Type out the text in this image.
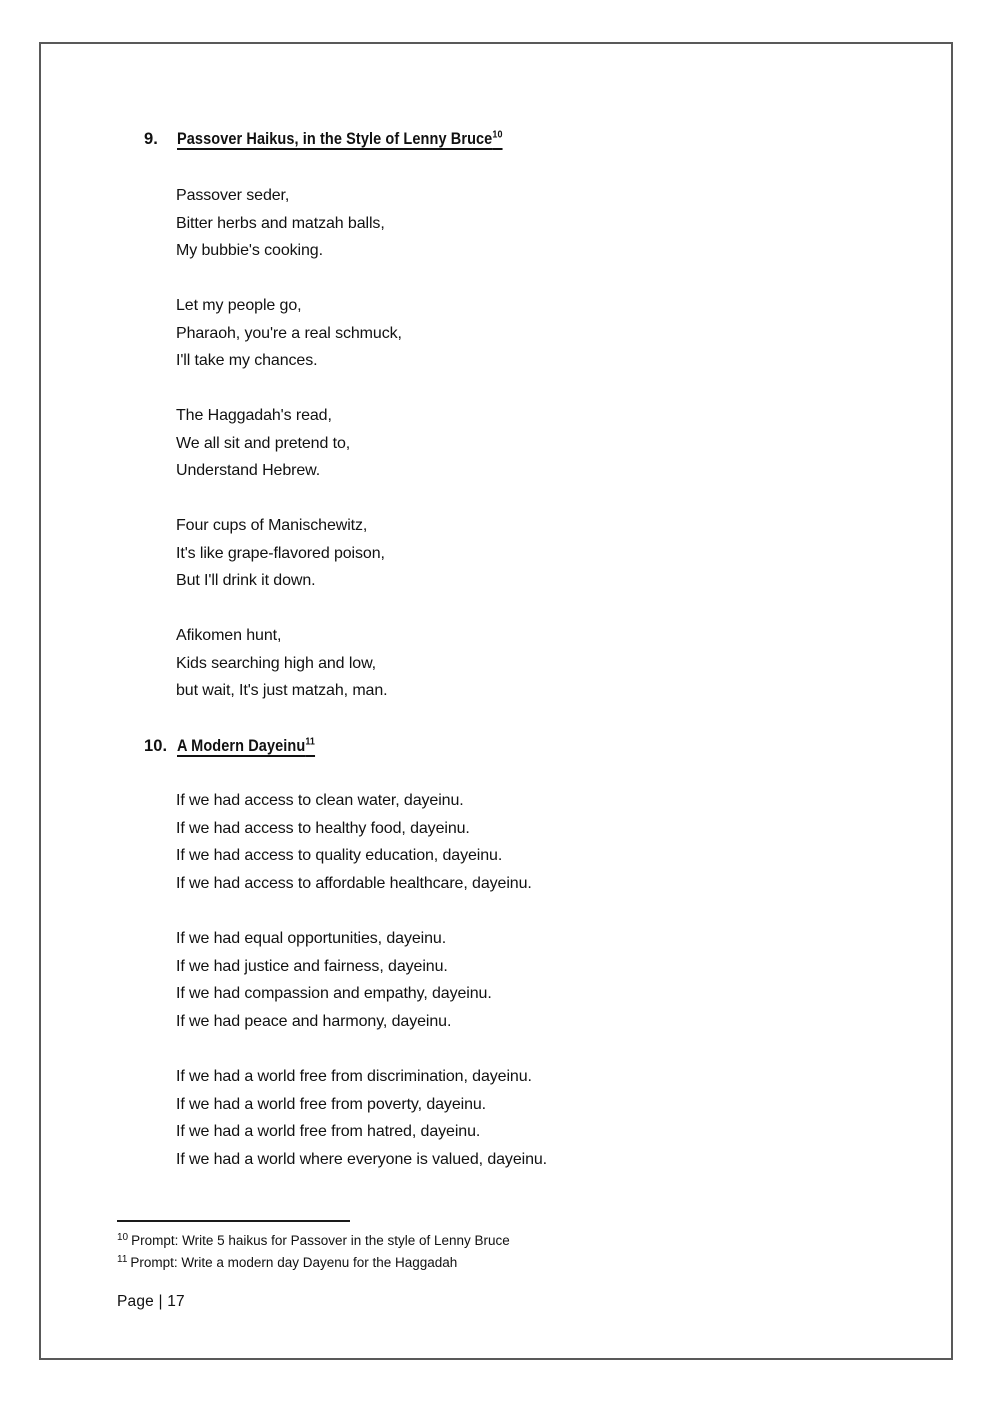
9.	Passover Haikus, in the Style of Lenny Bruce$^{10}$
Passover seder,
Bitter herbs and matzah balls,
My bubbie's cooking.
Let my people go,
Pharaoh, you're a real schmuck,
I'll take my chances.
The Haggadah's read,
We all sit and pretend to,
Understand Hebrew.
Four cups of Manischewitz,
It's like grape-flavored poison,
But I'll drink it down.
Afikomen hunt,
Kids searching high and low,
but wait, It's just matzah, man.
10. A Modern Dayeinu$^{11}$
If we had access to clean water, dayeinu.
If we had access to healthy food, dayeinu.
If we had access to quality education, dayeinu.
If we had access to affordable healthcare, dayeinu.
If we had equal opportunities, dayeinu.
If we had justice and fairness, dayeinu.
If we had compassion and empathy, dayeinu.
If we had peace and harmony, dayeinu.
If we had a world free from discrimination, dayeinu.
If we had a world free from poverty, dayeinu.
If we had a world free from hatred, dayeinu.
If we had a world where everyone is valued, dayeinu.
$^{10}$ Prompt: Write 5 haikus for Passover in the style of Lenny Bruce
$^{11}$ Prompt: Write a modern day Dayenu for the Haggadah
Page | 17
